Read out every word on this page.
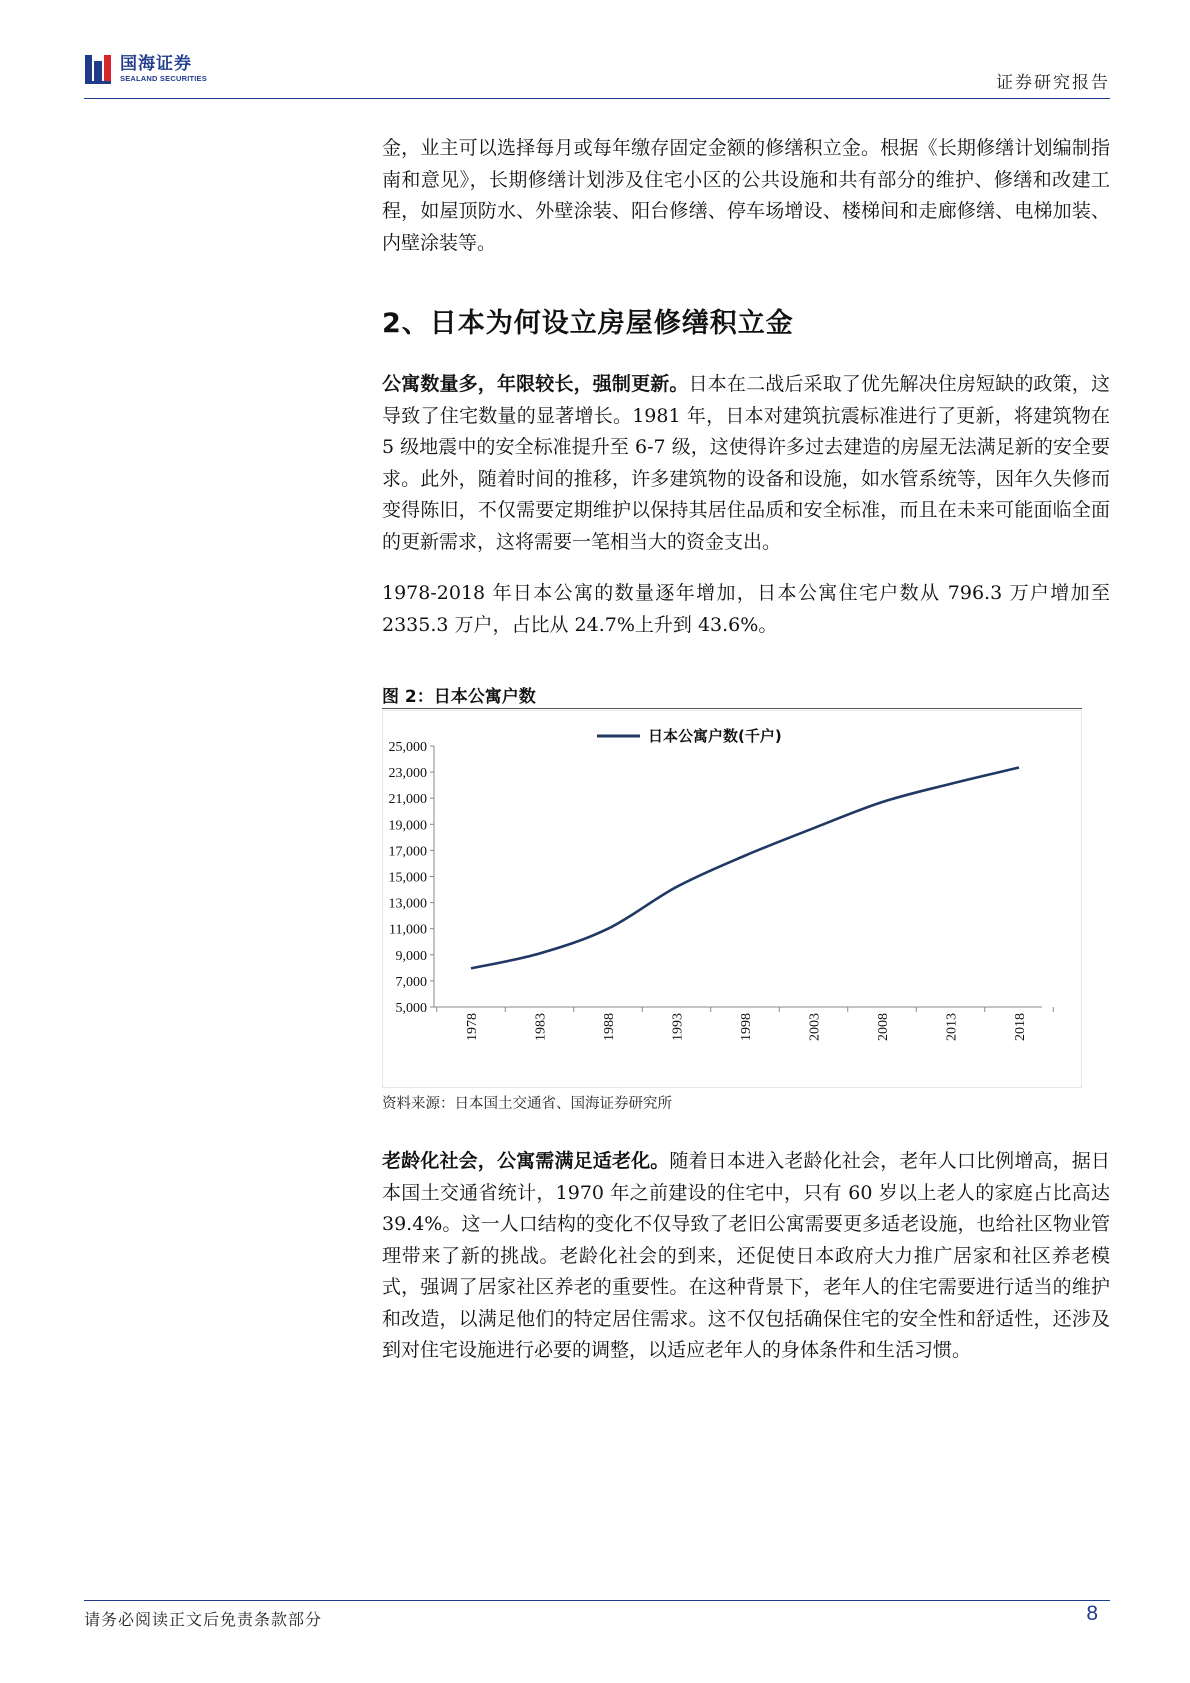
国海证券
SEALAND SECURITIES	证券研究报告
金，业主可以选择每月或每年缴存固定金额的修缮积立金。根据《长期修缮计划编制指南和意见》，长期修缮计划涉及住宅小区的公共设施和共有部分的维护、修缮和改建工程，如屋顶防水、外壁涂装、阳台修缮、停车场增设、楼梯间和走廊修缮、电梯加装、内壁涂装等。
2、日本为何设立房屋修缮积立金
公寓数量多，年限较长，强制更新。日本在二战后采取了优先解决住房短缺的政策，这导致了住宅数量的显著增长。1981 年，日本对建筑抗震标准进行了更新，将建筑物在 5 级地震中的安全标准提升至 6-7 级，这使得许多过去建造的房屋无法满足新的安全要求。此外，随着时间的推移，许多建筑物的设备和设施，如水管系统等，因年久失修而变得陈旧，不仅需要定期维护以保持其居住品质和安全标准，而且在未来可能面临全面的更新需求，这将需要一笔相当大的资金支出。
1978-2018 年日本公寓的数量逐年增加，日本公寓住宅户数从 796.3 万户增加至 2335.3 万户，占比从 24.7%上升到 43.6%。
图 2：日本公寓户数
日本公寓户数(千户)
5,000
7,000
9,000
11,000
13,000
15,000
17,000
19,000
21,000
23,000
25,000
1978	1983	1988	1993	1998	2003	2008	2013	2018
资料来源：日本国土交通省、国海证券研究所
老龄化社会，公寓需满足适老化。随着日本进入老龄化社会，老年人口比例增高，据日本国土交通省统计，1970 年之前建设的住宅中，只有 60 岁以上老人的家庭占比高达 39.4%。这一人口结构的变化不仅导致了老旧公寓需要更多适老设施，也给社区物业管理带来了新的挑战。老龄化社会的到来，还促使日本政府大力推广居家和社区养老模式，强调了居家社区养老的重要性。在这种背景下，老年人的住宅需要进行适当的维护和改造，以满足他们的特定居住需求。这不仅包括确保住宅的安全性和舒适性，还涉及到对住宅设施进行必要的调整，以适应老年人的身体条件和生活习惯。
请务必阅读正文后免责条款部分	8
